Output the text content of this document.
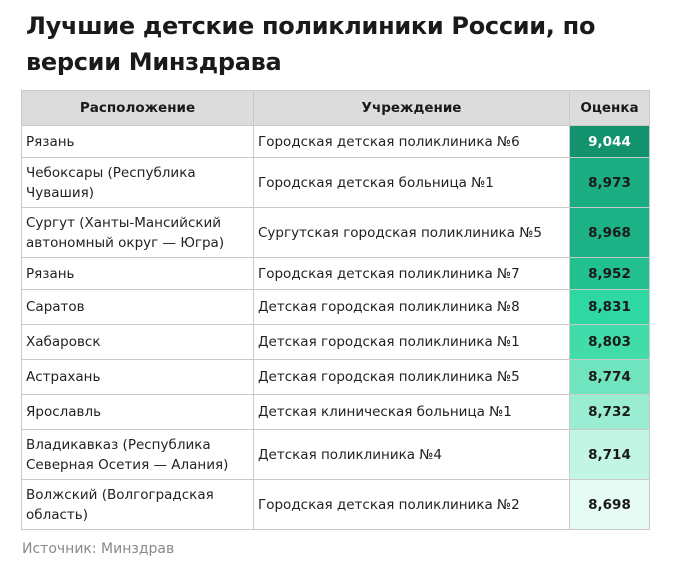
Лучшие детские поликлиники России, по версии Минздрава
Расположение	Учреждение	Оценка
Рязань	Городская детская поликлиника №6	9,044
Чебоксары (Республика Чувашия)	Городская детская больница №1	8,973
Сургут (Ханты-Мансийский автономный округ — Югра)	Сургутская городская поликлиника №5	8,968
Рязань	Городская детская поликлиника №7	8,952
Саратов	Детская городская поликлиника №8	8,831
Хабаровск	Детская городская поликлиника №1	8,803
Астрахань	Детская городская поликлиника №5	8,774
Ярославль	Детская клиническая больница №1	8,732
Владикавказ (Республика Северная Осетия — Алания)	Детская поликлиника №4	8,714
Волжский (Волгоградская область)	Городская детская поликлиника №2	8,698
Источник: Минздрав
